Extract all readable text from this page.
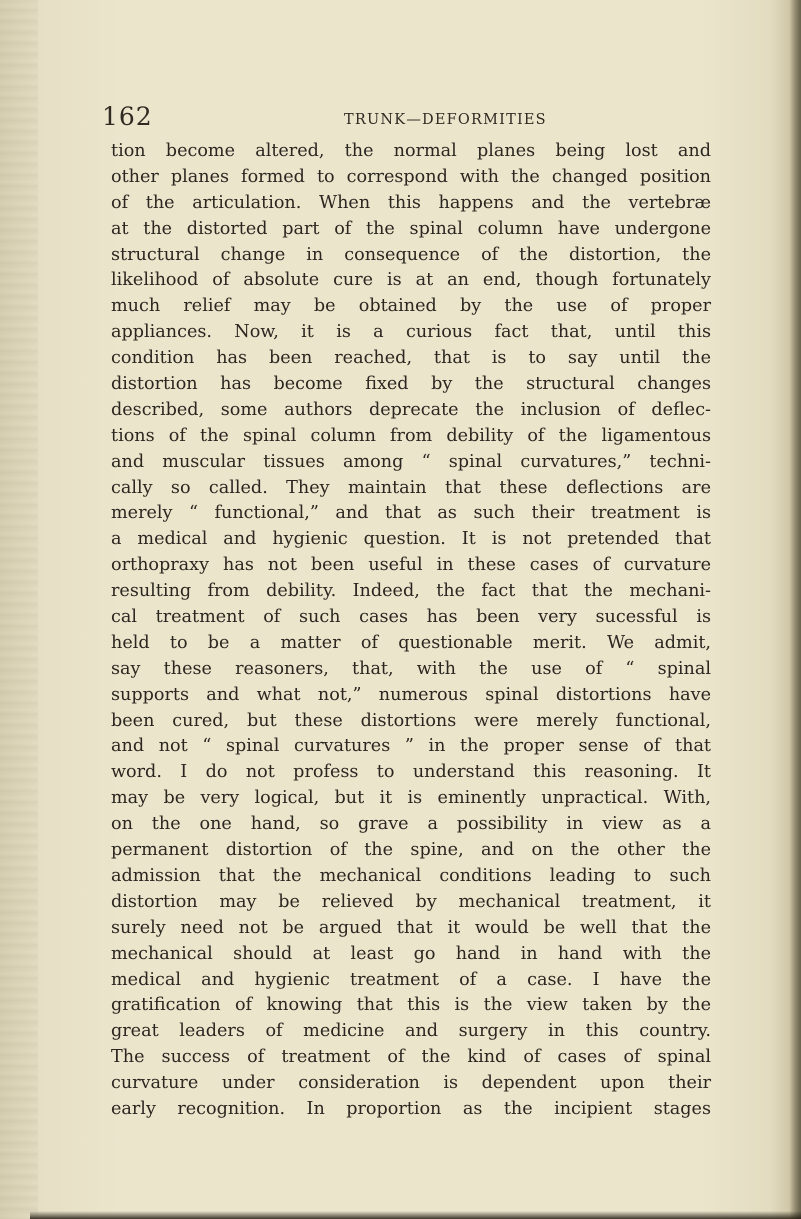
162	TRUNK—DEFORMITIES
tion become altered, the normal planes being lost and
other planes formed to correspond with the changed position
of the articulation. When this happens and the vertebræ
at the distorted part of the spinal column have undergone
structural change in consequence of the distortion, the
likelihood of absolute cure is at an end, though fortunately
much relief may be obtained by the use of proper
appliances. Now, it is a curious fact that, until this
condition has been reached, that is to say until the
distortion has become fixed by the structural changes
described, some authors deprecate the inclusion of deflec-
tions of the spinal column from debility of the ligamentous
and muscular tissues among “ spinal curvatures,” techni-
cally so called. They maintain that these deflections are
merely “ functional,” and that as such their treatment is
a medical and hygienic question. It is not pretended that
orthopraxy has not been useful in these cases of curvature
resulting from debility. Indeed, the fact that the mechani-
cal treatment of such cases has been very sucessful is
held to be a matter of questionable merit. We admit,
say these reasoners, that, with the use of “ spinal
supports and what not,” numerous spinal distortions have
been cured, but these distortions were merely functional,
and not “ spinal curvatures ” in the proper sense of that
word. I do not profess to understand this reasoning. It
may be very logical, but it is eminently unpractical. With,
on the one hand, so grave a possibility in view as a
permanent distortion of the spine, and on the other the
admission that the mechanical conditions leading to such
distortion may be relieved by mechanical treatment, it
surely need not be argued that it would be well that the
mechanical should at least go hand in hand with the
medical and hygienic treatment of a case. I have the
gratification of knowing that this is the view taken by the
great leaders of medicine and surgery in this country.
The success of treatment of the kind of cases of spinal
curvature under consideration is dependent upon their
early recognition. In proportion as the incipient stages
